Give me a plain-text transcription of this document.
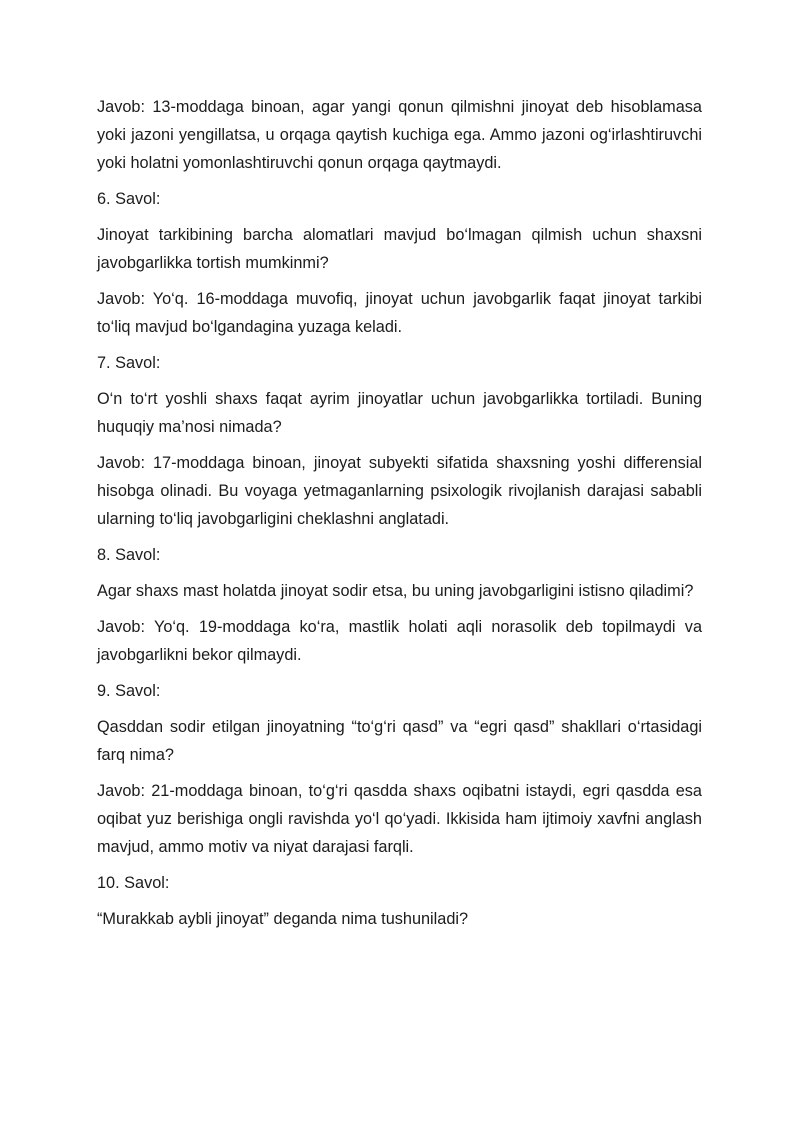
Javob: 13-moddaga binoan, agar yangi qonun qilmishni jinoyat deb hisoblamasa yoki jazoni yengillatsa, u orqaga qaytish kuchiga ega. Ammo jazoni og‘irlashtiruvchi yoki holatni yomonlashtiruvchi qonun orqaga qaytmaydi.

6. Savol:

Jinoyat tarkibining barcha alomatlari mavjud bo‘lmagan qilmish uchun shaxsni javobgarlikka tortish mumkinmi?

Javob: Yo‘q. 16-moddaga muvofiq, jinoyat uchun javobgarlik faqat jinoyat tarkibi to‘liq mavjud bo‘lgandagina yuzaga keladi.

7. Savol:

O‘n to‘rt yoshli shaxs faqat ayrim jinoyatlar uchun javobgarlikka tortiladi. Buning huquqiy ma’nosi nimada?

Javob: 17-moddaga binoan, jinoyat subyekti sifatida shaxsning yoshi differensial hisobga olinadi. Bu voyaga yetmaganlarning psixologik rivojlanish darajasi sababli ularning to‘liq javobgarligini cheklashni anglatadi.

8. Savol:

Agar shaxs mast holatda jinoyat sodir etsa, bu uning javobgarligini istisno qiladimi?

Javob: Yo‘q. 19-moddaga ko‘ra, mastlik holati aqli norasolik deb topilmaydi va javobgarlikni bekor qilmaydi.

9. Savol:

Qasddan sodir etilgan jinoyatning “to‘g‘ri qasd” va “egri qasd” shakllari o‘rtasidagi farq nima?

Javob: 21-moddaga binoan, to‘g‘ri qasdda shaxs oqibatni istaydi, egri qasdda esa oqibat yuz berishiga ongli ravishda yo‘l qo‘yadi. Ikkisida ham ijtimoiy xavfni anglash mavjud, ammo motiv va niyat darajasi farqli.

10. Savol:

“Murakkab aybli jinoyat” deganda nima tushuniladi?
